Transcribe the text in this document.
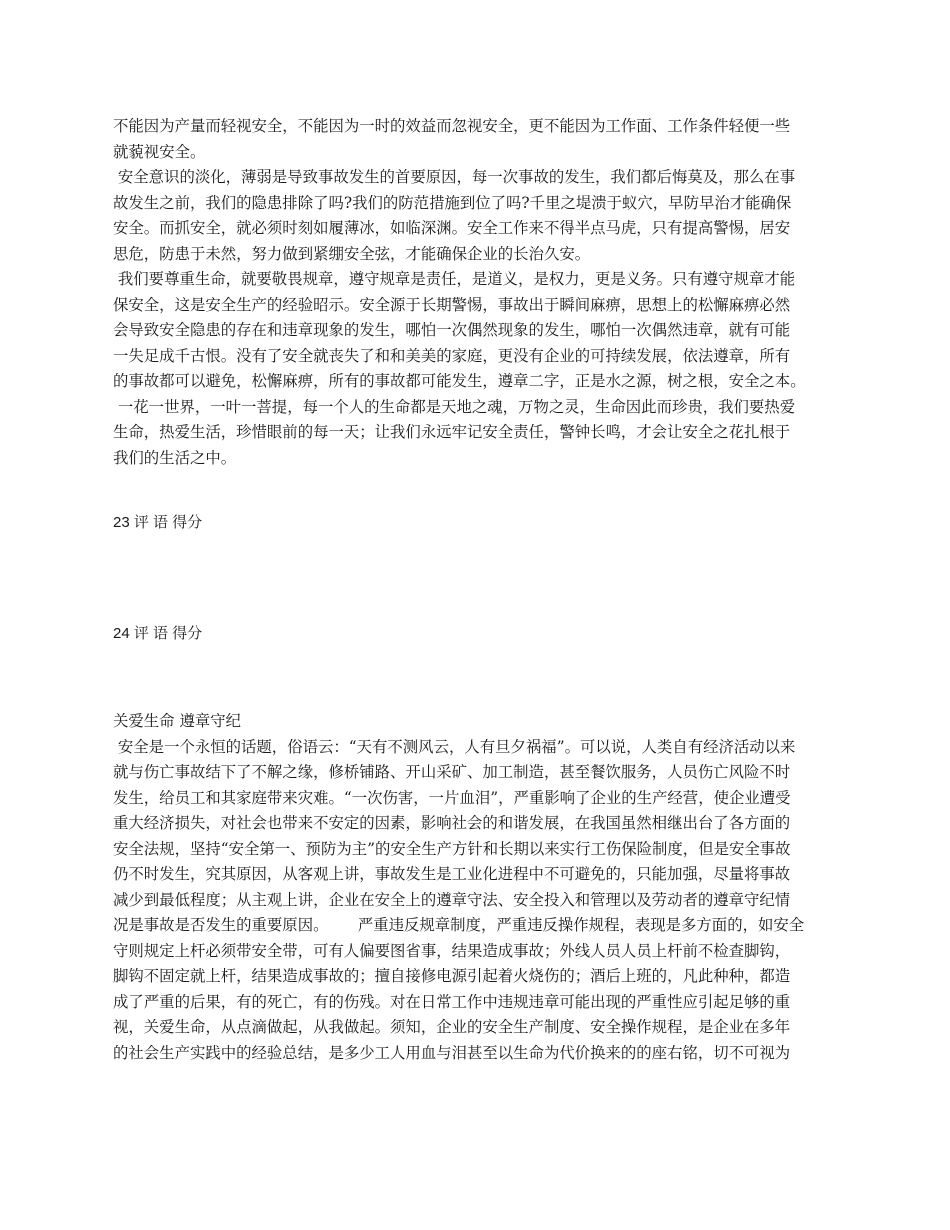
不能因为产量而轻视安全，不能因为一时的效益而忽视安全，更不能因为工作面、工作条件轻便一些
就藐视安全。
安全意识的淡化，薄弱是导致事故发生的首要原因，每一次事故的发生，我们都后悔莫及，那么在事
故发生之前，我们的隐患排除了吗?我们的防范措施到位了吗?千里之堤溃于蚁穴，早防早治才能确保
安全。而抓安全，就必须时刻如履薄冰，如临深渊。安全工作来不得半点马虎，只有提高警惕，居安
思危，防患于未然，努力做到紧绷安全弦，才能确保企业的长治久安。
我们要尊重生命，就要敬畏规章，遵守规章是责任，是道义，是权力，更是义务。只有遵守规章才能
保安全，这是安全生产的经验昭示。安全源于长期警惕，事故出于瞬间麻痹，思想上的松懈麻痹必然
会导致安全隐患的存在和违章现象的发生，哪怕一次偶然现象的发生，哪怕一次偶然违章，就有可能
一失足成千古恨。没有了安全就丧失了和和美美的家庭，更没有企业的可持续发展，依法遵章，所有
的事故都可以避免，松懈麻痹，所有的事故都可能发生，遵章二字，正是水之源，树之根，安全之本。
一花一世界，一叶一菩提，每一个人的生命都是天地之魂，万物之灵，生命因此而珍贵，我们要热爱
生命，热爱生活，珍惜眼前的每一天；让我们永远牢记安全责任，警钟长鸣，才会让安全之花扎根于
我们的生活之中。
23 评 语 得分
24 评 语 得分
关爱生命 遵章守纪
安全是一个永恒的话题，俗语云：“天有不测风云，人有旦夕祸福”。可以说，人类自有经济活动以来
就与伤亡事故结下了不解之缘，修桥铺路、开山采矿、加工制造，甚至餐饮服务，人员伤亡风险不时
发生，给员工和其家庭带来灾难。“一次伤害，一片血泪”，严重影响了企业的生产经营，使企业遭受
重大经济损失，对社会也带来不安定的因素，影响社会的和谐发展，在我国虽然相继出台了各方面的
安全法规，坚持“安全第一、预防为主”的安全生产方针和长期以来实行工伤保险制度，但是安全事故
仍不时发生，究其原因，从客观上讲，事故发生是工业化进程中不可避免的，只能加强，尽量将事故
减少到最低程度；从主观上讲，企业在安全上的遵章守法、安全投入和管理以及劳动者的遵章守纪情
况是事故是否发生的重要原因。      严重违反规章制度，严重违反操作规程，表现是多方面的，如安全
守则规定上杆必须带安全带，可有人偏要图省事，结果造成事故；外线人员人员上杆前不检查脚钩，
脚钩不固定就上杆，结果造成事故的；擅自接修电源引起着火烧伤的；酒后上班的，凡此种种，都造
成了严重的后果，有的死亡，有的伤残。对在日常工作中违规违章可能出现的严重性应引起足够的重
视，关爱生命，从点滴做起，从我做起。须知，企业的安全生产制度、安全操作规程，是企业在多年
的社会生产实践中的经验总结，是多少工人用血与泪甚至以生命为代价换来的的座右铭，切不可视为
